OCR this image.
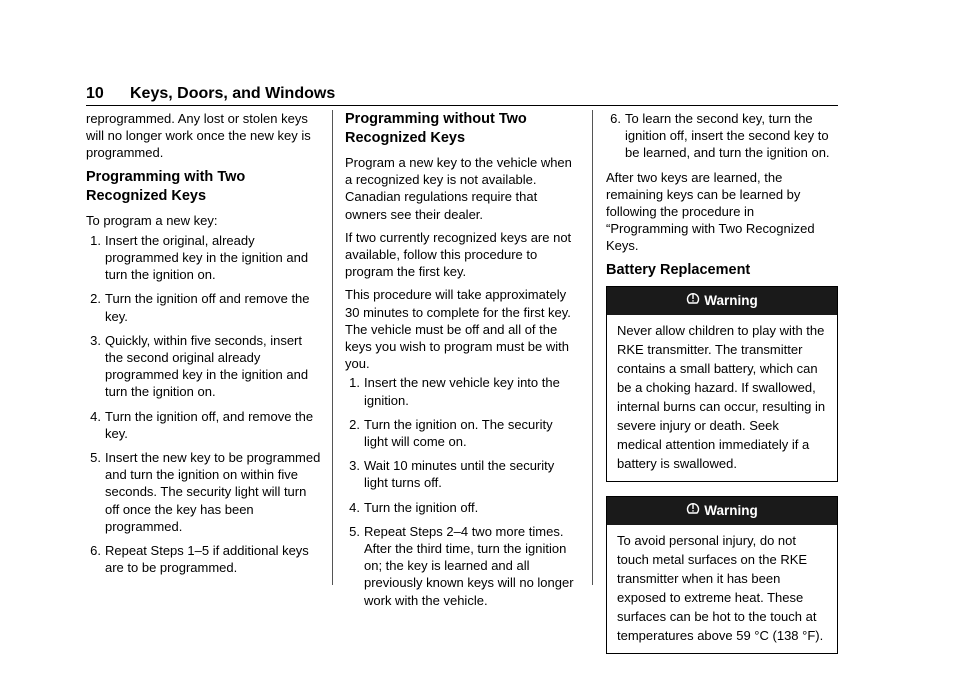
10 Keys, Doors, and Windows

reprogrammed. Any lost or stolen keys will no longer work once the new key is programmed.

Programming with Two Recognized Keys

To program a new key:

1. Insert the original, already programmed key in the ignition and turn the ignition on.
2. Turn the ignition off and remove the key.
3. Quickly, within five seconds, insert the second original already programmed key in the ignition and turn the ignition on.
4. Turn the ignition off, and remove the key.
5. Insert the new key to be programmed and turn the ignition on within five seconds. The security light will turn off once the key has been programmed.
6. Repeat Steps 1–5 if additional keys are to be programmed.
Programming without Two Recognized Keys

Program a new key to the vehicle when a recognized key is not available. Canadian regulations require that owners see their dealer.

If two currently recognized keys are not available, follow this procedure to program the first key.

This procedure will take approximately 30 minutes to complete for the first key. The vehicle must be off and all of the keys you wish to program must be with you.

1. Insert the new vehicle key into the ignition.
2. Turn the ignition on. The security light will come on.
3. Wait 10 minutes until the security light turns off.
4. Turn the ignition off.
5. Repeat Steps 2–4 two more times. After the third time, turn the ignition on; the key is learned and all previously known keys will no longer work with the vehicle.
6. To learn the second key, turn the ignition off, insert the second key to be learned, and turn the ignition on.

After two keys are learned, the remaining keys can be learned by following the procedure in “Programming with Two Recognized Keys.

Battery Replacement
Warning
Never allow children to play with the RKE transmitter. The transmitter contains a small battery, which can be a choking hazard. If swallowed, internal burns can occur, resulting in severe injury or death. Seek medical attention immediately if a battery is swallowed.
Warning
To avoid personal injury, do not touch metal surfaces on the RKE transmitter when it has been exposed to extreme heat. These surfaces can be hot to the touch at temperatures above 59 °C (138 °F).
